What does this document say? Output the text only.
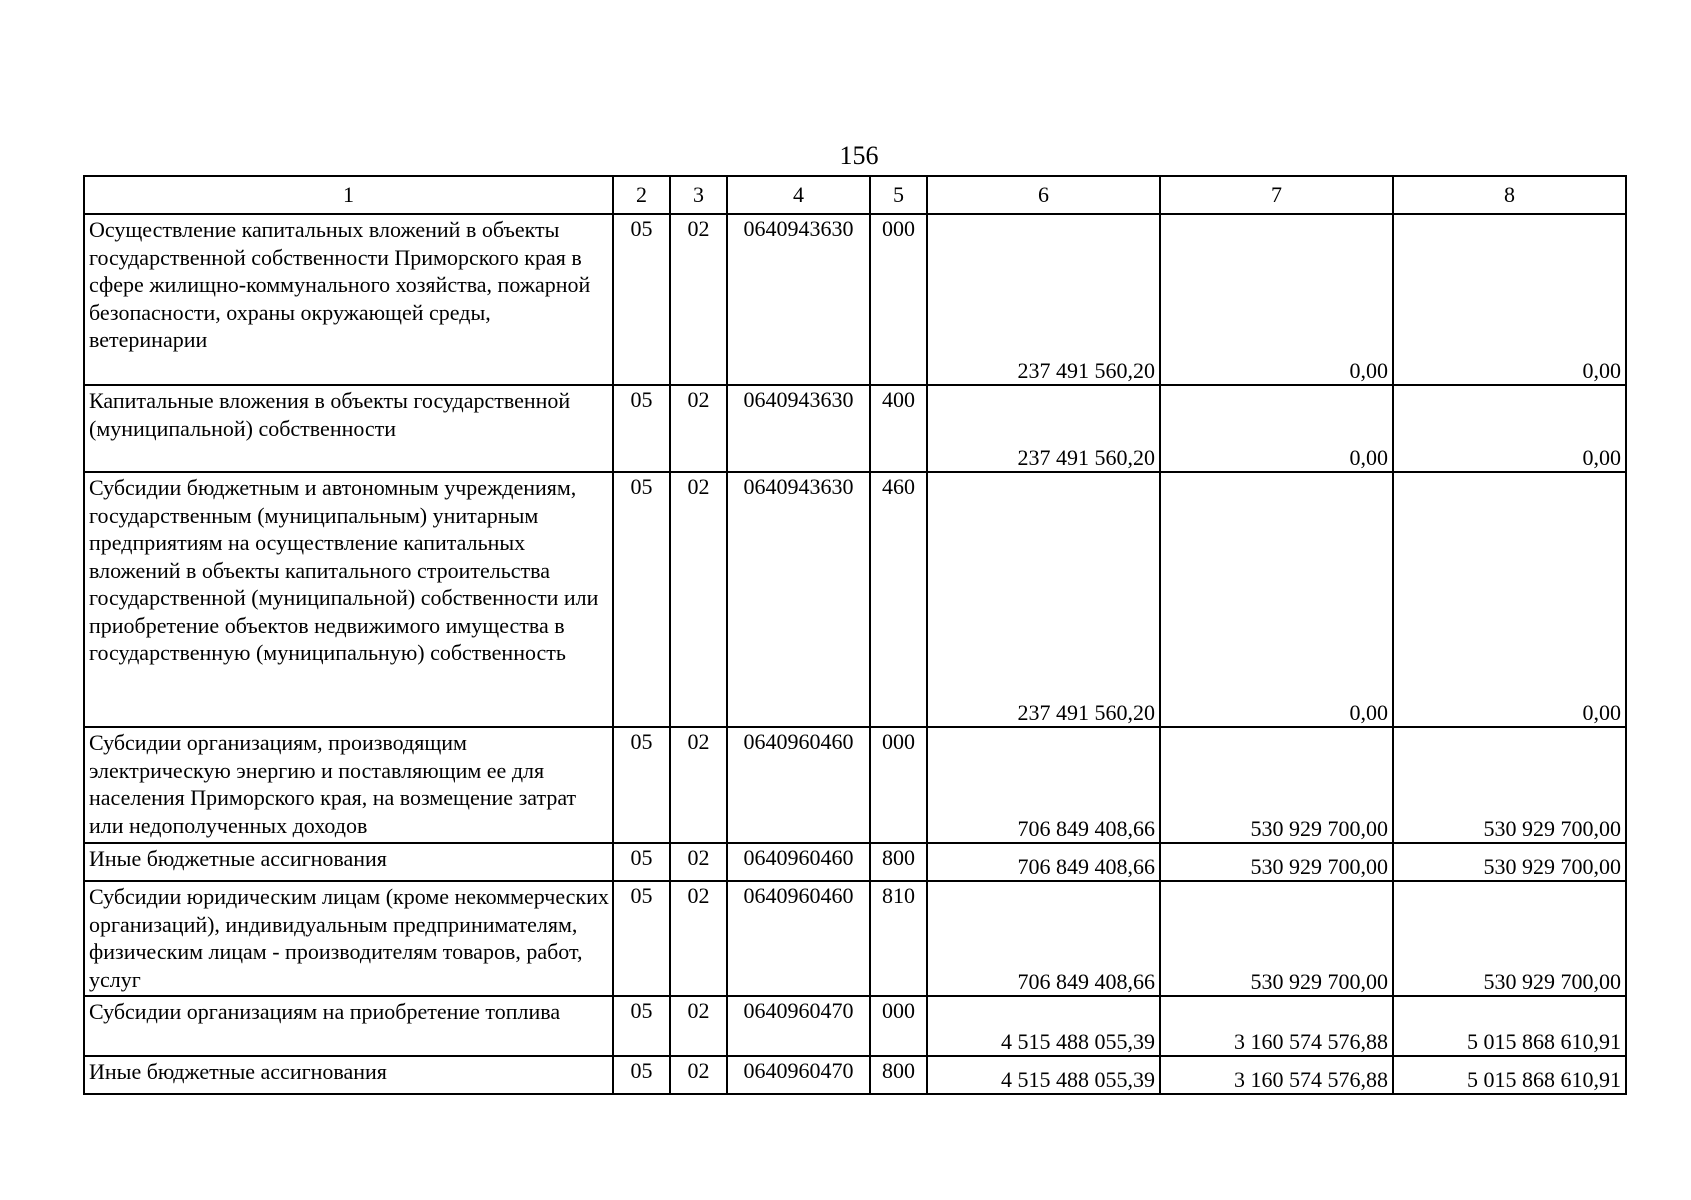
156
1	2	3	4	5	6	7	8
Осуществление капитальных вложений в объекты государственной собственности Приморского края в сфере жилищно-коммунального хозяйства, пожарной безопасности, охраны окружающей среды, ветеринарии	05	02	0640943630	000	237 491 560,20	0,00	0,00
Капитальные вложения в объекты государственной (муниципальной) собственности	05	02	0640943630	400	237 491 560,20	0,00	0,00
Субсидии бюджетным и автономным учреждениям, государственным (муниципальным) унитарным предприятиям на осуществление капитальных вложений в объекты капитального строительства государственной (муниципальной) собственности или приобретение объектов недвижимого имущества в государственную (муниципальную) собственность	05	02	0640943630	460	237 491 560,20	0,00	0,00
Субсидии организациям, производящим электрическую энергию и поставляющим ее для населения Приморского края, на возмещение затрат или недополученных доходов	05	02	0640960460	000	706 849 408,66	530 929 700,00	530 929 700,00
Иные бюджетные ассигнования	05	02	0640960460	800	706 849 408,66	530 929 700,00	530 929 700,00
Субсидии юридическим лицам (кроме некоммерческих организаций), индивидуальным предпринимателям, физическим лицам - производителям товаров, работ, услуг	05	02	0640960460	810	706 849 408,66	530 929 700,00	530 929 700,00
Субсидии организациям на приобретение топлива	05	02	0640960470	000	4 515 488 055,39	3 160 574 576,88	5 015 868 610,91
Иные бюджетные ассигнования	05	02	0640960470	800	4 515 488 055,39	3 160 574 576,88	5 015 868 610,91
